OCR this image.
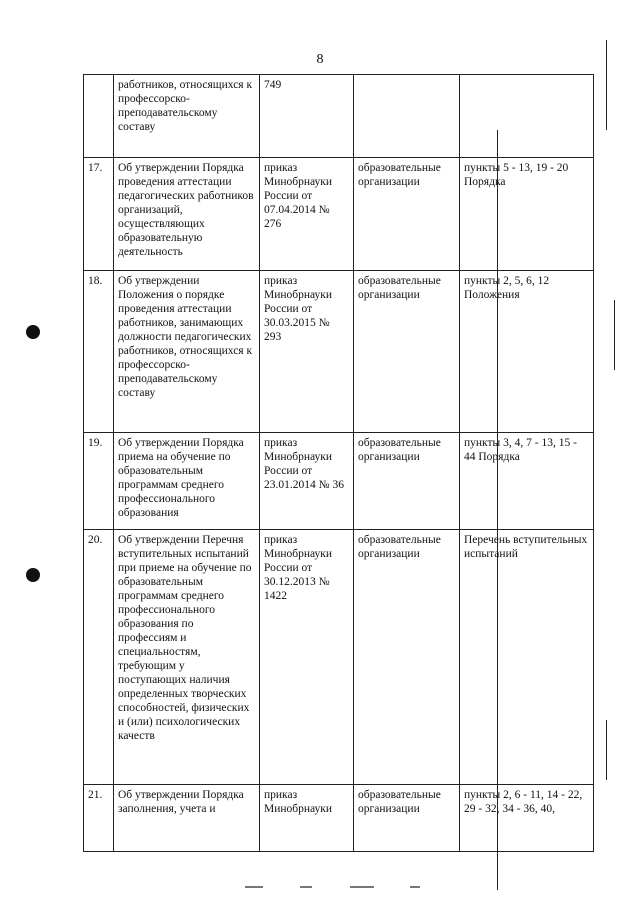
8
	работников, относящихся к профессорско-преподавательскому составу	749		
17.	Об утверждении Порядка проведения аттестации педагогических работников организаций, осуществляющих образовательную деятельность	приказ Минобрнауки России от 07.04.2014 № 276	образовательные организации	пункты 5 - 13, 19 - 20 Порядка
18.	Об утверждении Положения о порядке проведения аттестации работников, занимающих должности педагогических работников, относящихся к профессорско-преподавательскому составу	приказ Минобрнауки России от 30.03.2015 № 293	образовательные организации	пункты 2, 5, 6, 12 Положения
19.	Об утверждении Порядка приема на обучение по образовательным программам среднего профессионального образования	приказ Минобрнауки России от 23.01.2014 № 36	образовательные организации	пункты 3, 4, 7 - 13, 15 - 44 Порядка
20.	Об утверждении Перечня вступительных испытаний при приеме на обучение по образовательным программам среднего профессионального образования по профессиям и специальностям, требующим у поступающих наличия определенных творческих способностей, физических и (или) психологических качеств	приказ Минобрнауки России от 30.12.2013 № 1422	образовательные организации	Перечень вступительных испытаний
21.	Об утверждении Порядка заполнения, учета и	приказ Минобрнауки	образовательные организации	пункты 2, 6 - 11, 14 - 22, 29 - 32, 34 - 36, 40,
